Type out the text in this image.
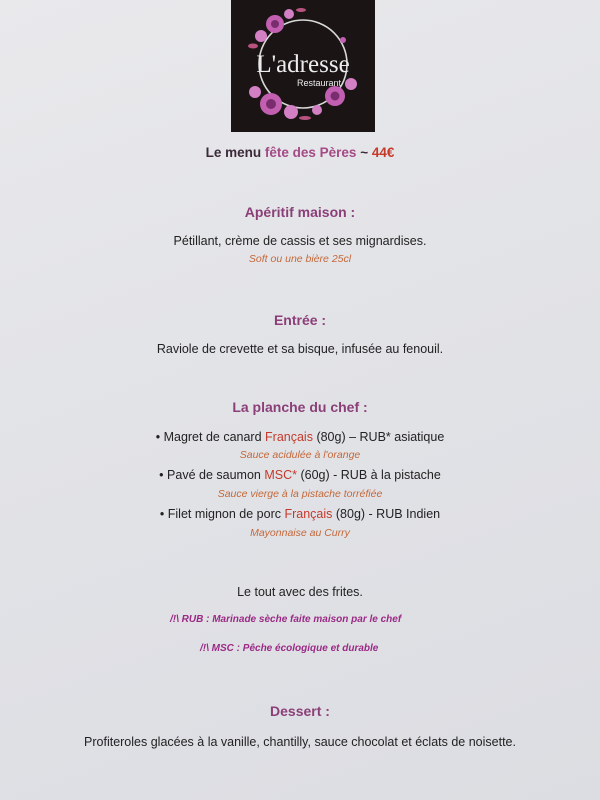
L'adresse
Restaurant
Le menu fête des Pères ~ 44€
Apéritif maison :
Pétillant, crème de cassis et ses mignardises.
Soft ou une bière 25cl
Entrée :
Raviole de crevette et sa bisque, infusée au fenouil.
La planche du chef :
• Magret de canard Français (80g) – RUB* asiatique
Sauce acidulée à l'orange
• Pavé de saumon MSC* (60g) - RUB à la pistache
Sauce vierge à la pistache torréfiée
• Filet mignon de porc Français (80g) - RUB Indien
Mayonnaise au Curry
Le tout avec des frites.
/!\ RUB : Marinade sèche faite maison par le chef
/!\ MSC : Pêche écologique et durable
Dessert :
Profiteroles glacées à la vanille, chantilly, sauce chocolat et éclats de noisette.
